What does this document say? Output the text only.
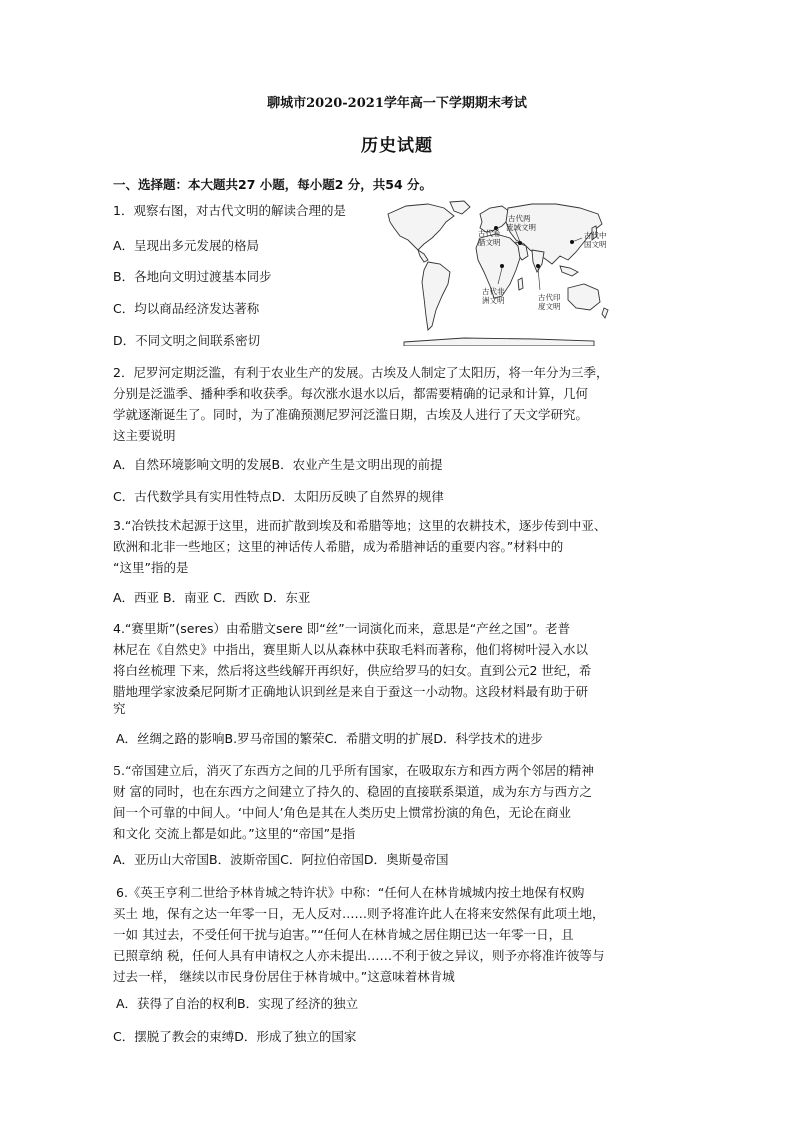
聊城市2020-2021学年高一下学期期末考试
历史试题
一、选择题：本大题共27 小题，每小题2 分，共54 分。
1．观察右图，对古代文明的解读合理的是
A．呈现出多元发展的格局
B．各地向文明过渡基本同步
C．均以商品经济发达著称
D．不同文明之间联系密切
古代两
流域文明
古代希
腊文明
古代中
国文明
古代非
洲文明	古代印
度文明
2．尼罗河定期泛滥，有利于农业生产的发展。古埃及人制定了太阳历，将一年分为三季，
分别是泛滥季、播种季和收获季。每次涨水退水以后，都需要精确的记录和计算，几何
学就逐渐诞生了。同时，为了准确预测尼罗河泛滥日期，古埃及人进行了天文学研究。
这主要说明
A．自然环境影响文明的发展B．农业产生是文明出现的前提
C．古代数学具有实用性特点D．太阳历反映了自然界的规律
3.“冶铁技术起源于这里，进而扩散到埃及和希腊等地；这里的农耕技术，逐步传到中亚、
欧洲和北非一些地区；这里的神话传人希腊，成为希腊神话的重要内容。”材料中的
“这里”指的是
A．西亚 B．南亚 C．西欧 D．东亚
4.“赛里斯”(seres）由希腊文sere 即“丝”一词演化而来，意思是“产丝之国”。老普
林尼在《自然史》中指出，赛里斯人以从森林中获取毛料而著称，他们将树叶浸入水以
将白丝梳理 下来，然后将这些线解开再织好，供应给罗马的妇女。直到公元2 世纪，希
腊地理学家波桑尼阿斯才正确地认识到丝是来自于蚕这一小动物。这段材料最有助于研
究
A．丝绸之路的影响B.罗马帝国的繁荣C．希腊文明的扩展D．科学技术的进步
5.“帝国建立后，消灭了东西方之间的几乎所有国家，在吸取东方和西方两个邻居的精神
财 富的同时，也在东西方之间建立了持久的、稳固的直接联系渠道，成为东方与西方之
间一个可靠的中间人。‘中间人’角色是其在人类历史上惯常扮演的角色，无论在商业
和文化 交流上都是如此。”这里的“帝国”是指
A．亚历山大帝国B．波斯帝国C．阿拉伯帝国D．奥斯曼帝国
6.《英王亨利二世给予林肯城之特许状》中称：“任何人在林肯城城内按土地保有权购
买土 地，保有之达一年零一日，无人反对……则予将准许此人在将来安然保有此项土地，
一如 其过去，不受任何干扰与迫害。”“任何人在林肯城之居住期已达一年零一日，且
已照章纳 税，任何人具有申请权之人亦未提出……不利于彼之异议，则予亦将准许彼等与
过去一样， 继续以市民身份居住于林肯城中。”这意味着林肯城
A．获得了自治的权利B．实现了经济的独立
C．摆脱了教会的束缚D．形成了独立的国家
